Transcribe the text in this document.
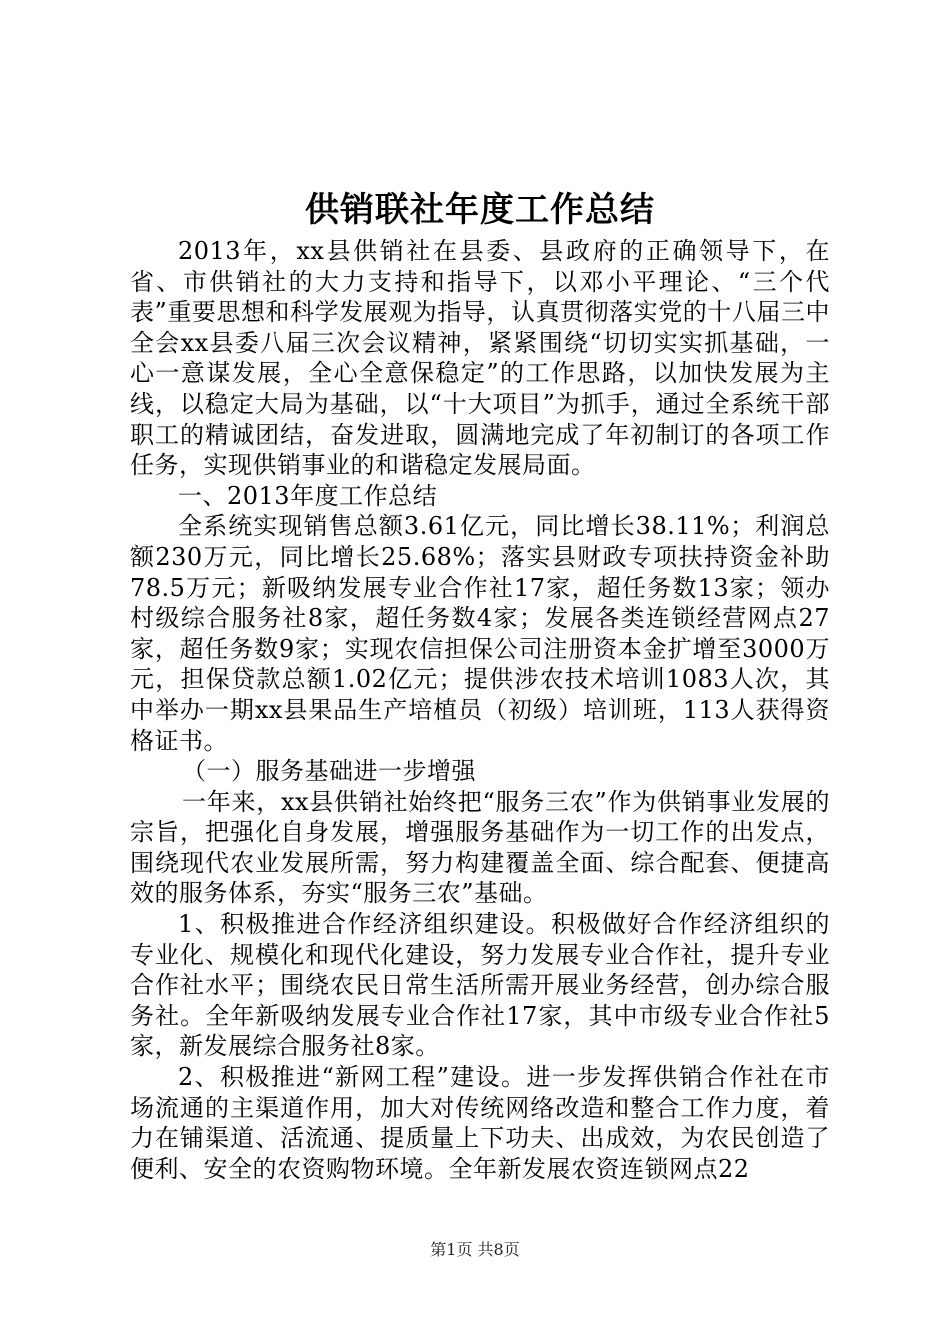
供销联社年度工作总结

2013年，xx县供销社在县委、县政府的正确领导下，在省、市供销社的大力支持和指导下，以邓小平理论、“三个代表”重要思想和科学发展观为指导，认真贯彻落实党的十八届三中全会xx县委八届三次会议精神，紧紧围绕“切切实实抓基础，一心一意谋发展，全心全意保稳定”的工作思路，以加快发展为主线，以稳定大局为基础，以“十大项目”为抓手，通过全系统干部职工的精诚团结，奋发进取，圆满地完成了年初制订的各项工作任务，实现供销事业的和谐稳定发展局面。

一、2013年度工作总结

全系统实现销售总额3.61亿元，同比增长38.11%；利润总额230万元，同比增长25.68%；落实县财政专项扶持资金补助78.5万元；新吸纳发展专业合作社17家，超任务数13家；领办村级综合服务社8家，超任务数4家；发展各类连锁经营网点27家，超任务数9家；实现农信担保公司注册资本金扩增至3000万元，担保贷款总额1.02亿元；提供涉农技术培训1083人次，其中举办一期xx县果品生产培植员（初级）培训班，113人获得资格证书。

（一）服务基础进一步增强

一年来，xx县供销社始终把“服务三农”作为供销事业发展的宗旨，把强化自身发展，增强服务基础作为一切工作的出发点，围绕现代农业发展所需，努力构建覆盖全面、综合配套、便捷高效的服务体系，夯实“服务三农”基础。

1、积极推进合作经济组织建设。积极做好合作经济组织的专业化、规模化和现代化建设，努力发展专业合作社，提升专业合作社水平；围绕农民日常生活所需开展业务经营，创办综合服务社。全年新吸纳发展专业合作社17家，其中市级专业合作社5家，新发展综合服务社8家。

2、积极推进“新网工程”建设。进一步发挥供销合作社在市场流通的主渠道作用，加大对传统网络改造和整合工作力度，着力在铺渠道、活流通、提质量上下功夫、出成效，为农民创造了便利、安全的农资购物环境。全年新发展农资连锁网点22

第1页 共8页
